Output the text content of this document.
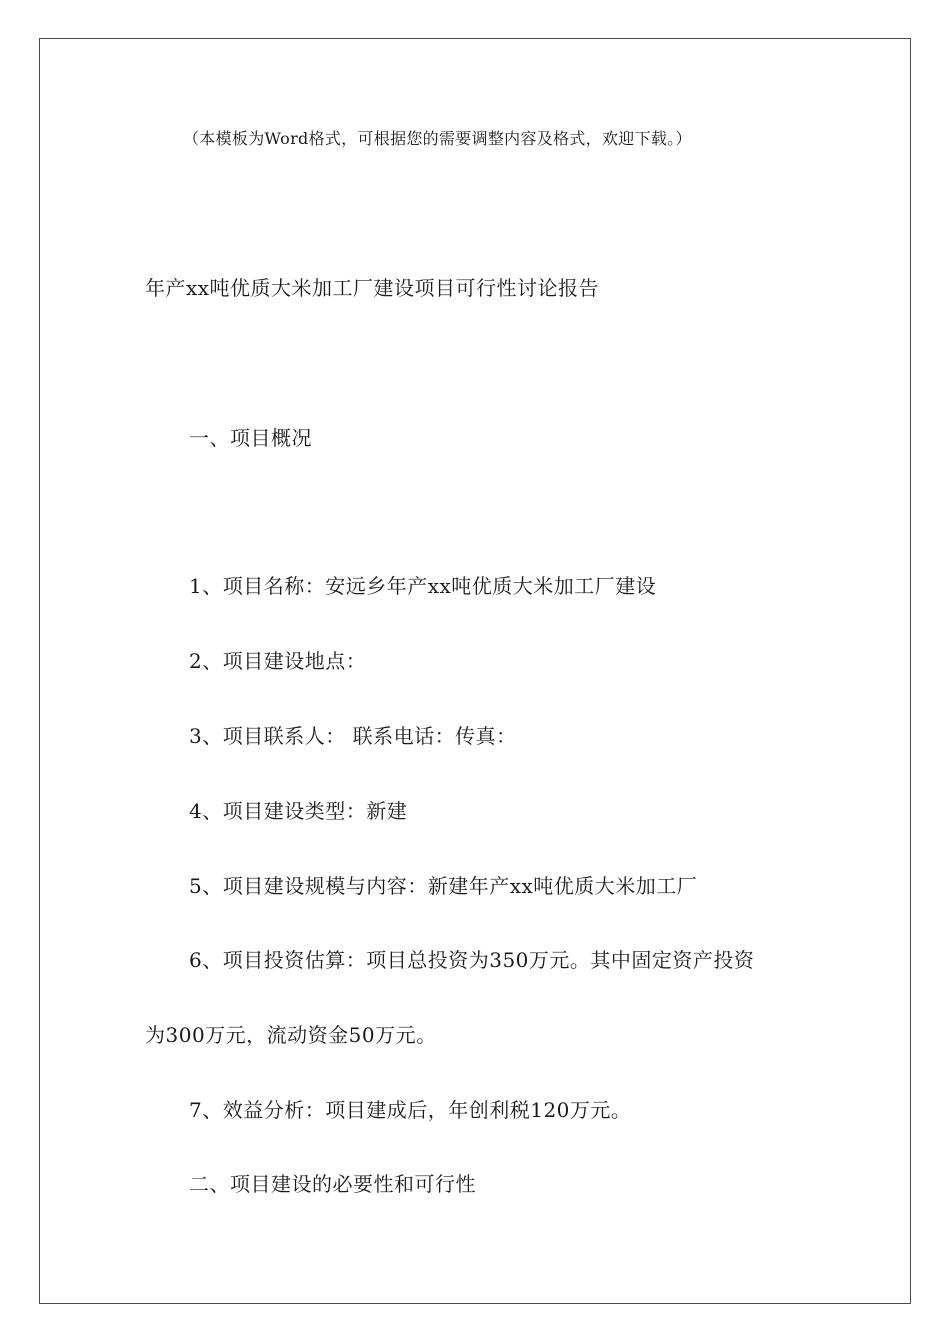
（本模板为Word格式，可根据您的需要调整内容及格式，欢迎下载。）
年产xx吨优质大米加工厂建设项目可行性讨论报告
一、项目概况
1、项目名称：安远乡年产xx吨优质大米加工厂建设
2、项目建设地点：
3、项目联系人： 联系电话：传真：
4、项目建设类型：新建
5、项目建设规模与内容：新建年产xx吨优质大米加工厂
6、项目投资估算：项目总投资为350万元。其中固定资产投资
为300万元，流动资金50万元。
7、效益分析：项目建成后，年创利税120万元。
二、项目建设的必要性和可行性
